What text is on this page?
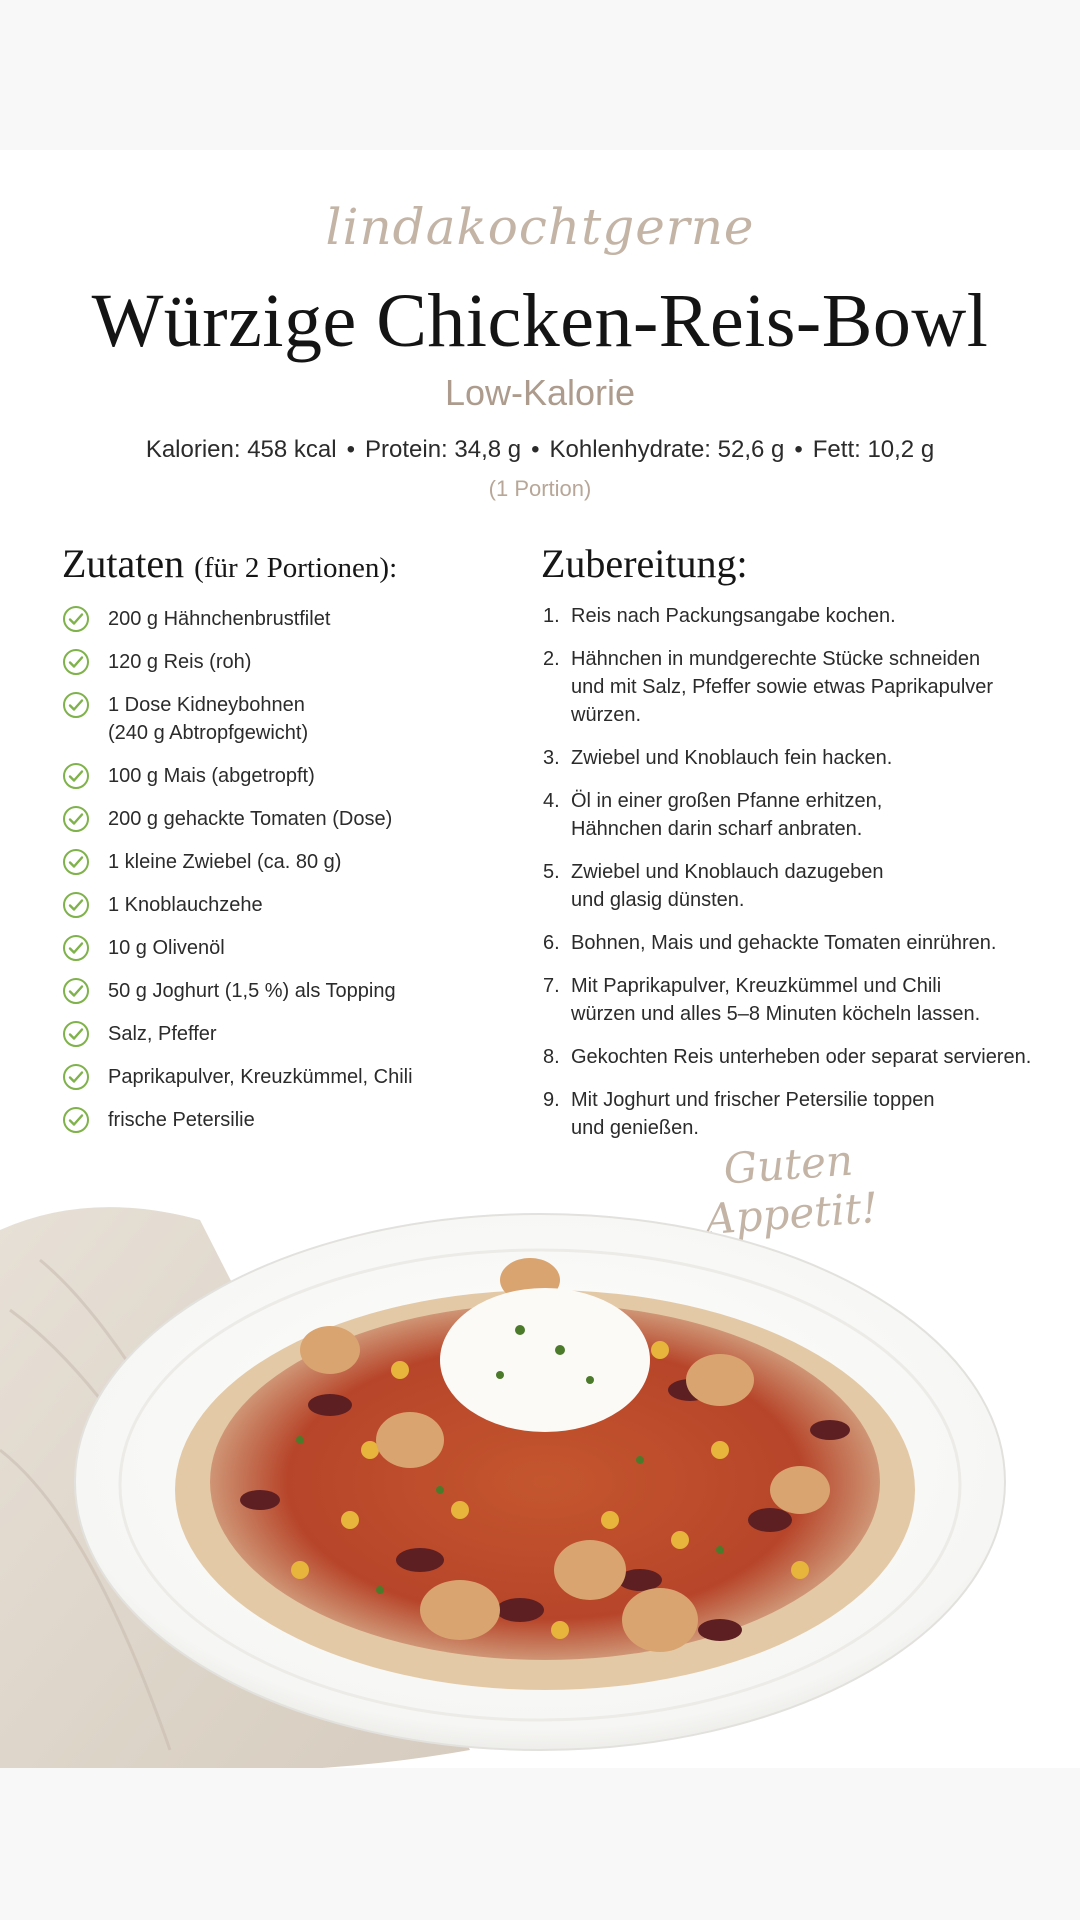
lindakochtgerne
Würzige Chicken-Reis-Bowl
Low-Kalorie
Kalorien: 458 kcal • Protein: 34,8 g • Kohlenhydrate: 52,6 g • Fett: 10,2 g
(1 Portion)
Zutaten (für 2 Portionen):	Zubereitung:
200 g Hähnchenbrustfilet
120 g Reis (roh)
1 Dose Kidneybohnen
(240 g Abtropfgewicht)
100 g Mais (abgetropft)
200 g gehackte Tomaten (Dose)
1 kleine Zwiebel (ca. 80 g)
1 Knoblauchzehe
10 g Olivenöl
50 g Joghurt (1,5 %) als Topping
Salz, Pfeffer
Paprikapulver, Kreuzkümmel, Chili
frische Petersilie
1. Reis nach Packungsangabe kochen.
2. Hähnchen in mundgerechte Stücke schneiden
und mit Salz, Pfeffer sowie etwas Paprikapulver
würzen.
3. Zwiebel und Knoblauch fein hacken.
4. Öl in einer großen Pfanne erhitzen,
Hähnchen darin scharf anbraten.
5. Zwiebel und Knoblauch dazugeben
und glasig dünsten.
6. Bohnen, Mais und gehackte Tomaten einrühren.
7. Mit Paprikapulver, Kreuzkümmel und Chili
würzen und alles 5–8 Minuten köcheln lassen.
8. Gekochten Reis unterheben oder separat servieren.
9. Mit Joghurt und frischer Petersilie toppen
und genießen.
Guten Appetit!
